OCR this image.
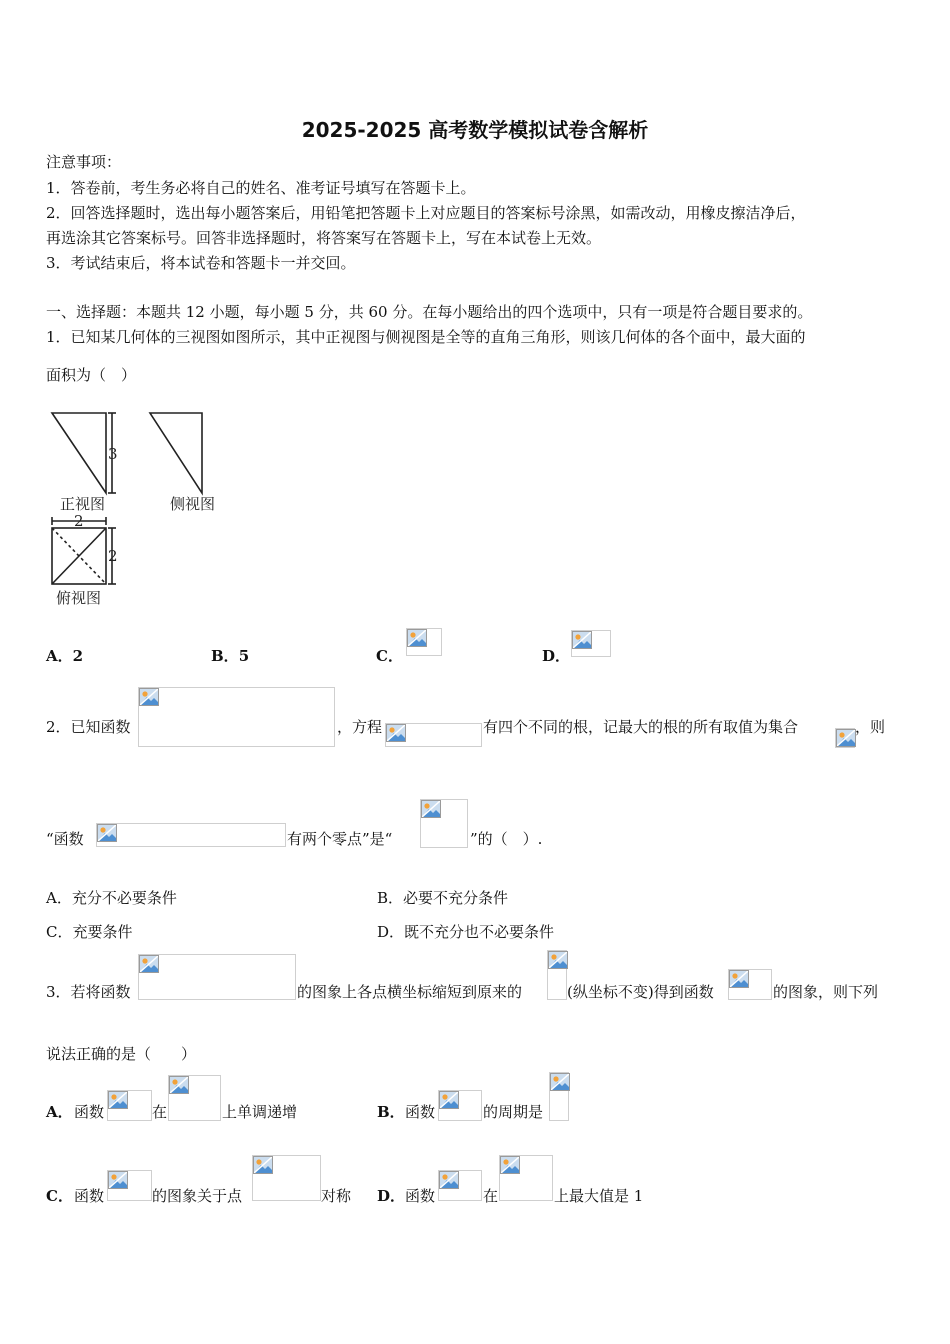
2025-2025 高考数学模拟试卷含解析
注意事项：
1．答卷前，考生务必将自己的姓名、准考证号填写在答题卡上。
2．回答选择题时，选出每小题答案后，用铅笔把答题卡上对应题目的答案标号涂黑，如需改动，用橡皮擦洁净后，
再选涂其它答案标号。回答非选择题时，将答案写在答题卡上，写在本试卷上无效。
3．考试结束后，将本试卷和答题卡一并交回。
一、选择题：本题共 12 小题，每小题 5 分，共 60 分。在每小题给出的四个选项中，只有一项是符合题目要求的。
1．已知某几何体的三视图如图所示，其中正视图与侧视图是全等的直角三角形，则该几何体的各个面中，最大面的
面积为（　）
3
2
2
正视图	侧视图
俯视图
A．2	B．5	C．	D．
2．已知函数	，方程	有四个不同的根，记最大的根的所有取值为集合	，则
“函数	有两个零点”是“	”的（　）.
A．充分不必要条件	B．必要不充分条件
C．充要条件	D．既不充分也不必要条件
3．若将函数	的图象上各点横坐标缩短到原来的	(纵坐标不变)得到函数	的图象，则下列
说法正确的是（　　）
A． 函数	在	上单调递增	B． 函数	的周期是
C． 函数	的图象关于点	对称 D． 函数	在	上最大值是 1
